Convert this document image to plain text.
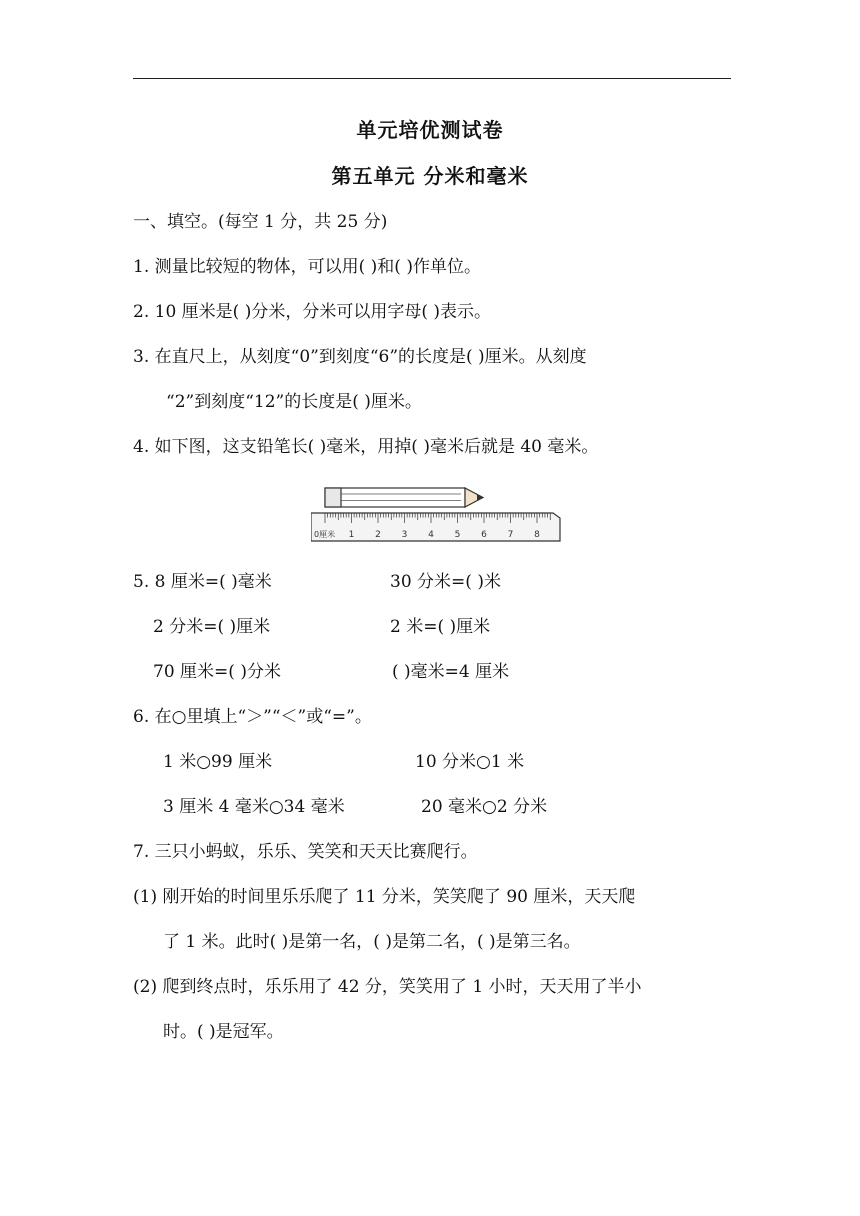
单元培优测试卷
第五单元 分米和毫米
一、填空。(每空 1 分，共 25 分)
1. 测量比较短的物体，可以用( )和( )作单位。
2. 10 厘米是( )分米，分米可以用字母( )表示。
3. 在直尺上，从刻度“0”到刻度“6”的长度是( )厘米。从刻度
“2”到刻度“12”的长度是( )厘米。
4. 如下图，这支铅笔长( )毫米，用掉( )毫米后就是 40 毫米。
0厘米 1 2 3 4 5 6 7 8
5. 8 厘米=( )毫米	30 分米=( )米
2 分米=( )厘米	2 米=( )厘米
70 厘米=( )分米	( )毫米=4 厘米
6. 在○里填上“＞”“＜”或“=”。
1 米○99 厘米	10 分米○1 米
3 厘米 4 毫米○34 毫米	20 毫米○2 分米
7. 三只小蚂蚁，乐乐、笑笑和天天比赛爬行。
(1) 刚开始的时间里乐乐爬了 11 分米，笑笑爬了 90 厘米，天天爬
了 1 米。此时( )是第一名，( )是第二名，( )是第三名。
(2) 爬到终点时，乐乐用了 42 分，笑笑用了 1 小时，天天用了半小
时。( )是冠军。
